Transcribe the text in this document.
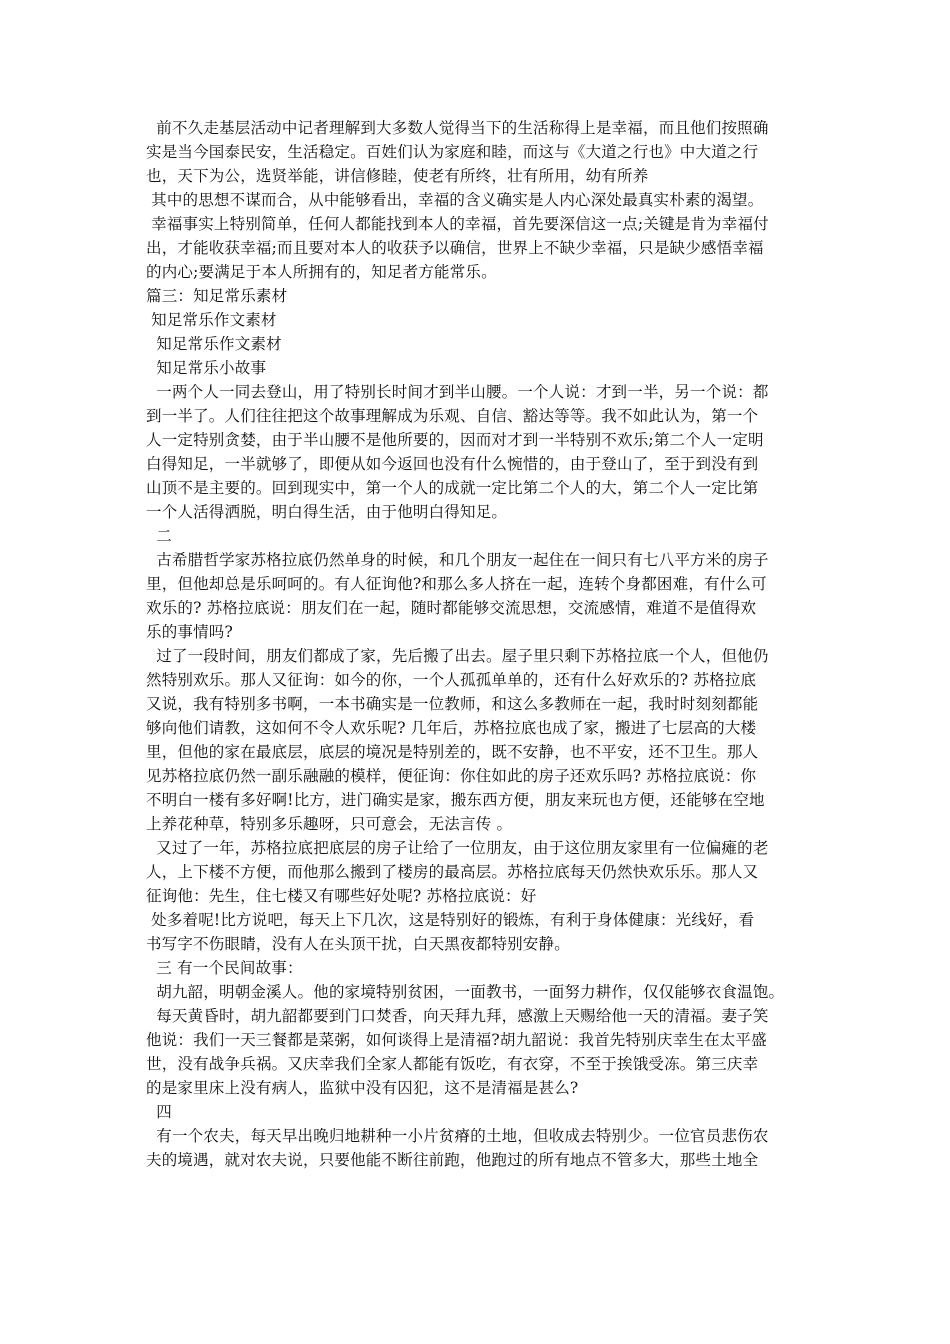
前不久走基层活动中记者理解到大多数人觉得当下的生活称得上是幸福，而且他们按照确
实是当今国泰民安，生活稳定。百姓们认为家庭和睦，而这与《大道之行也》中大道之行
也，天下为公，选贤举能，讲信修睦，使老有所终，壮有所用，幼有所养
其中的思想不谋而合，从中能够看出，幸福的含义确实是人内心深处最真实朴素的渴望。
幸福事实上特别简单，任何人都能找到本人的幸福，首先要深信这一点;关键是肯为幸福付
出，才能收获幸福;而且要对本人的收获予以确信，世界上不缺少幸福，只是缺少感悟幸福
的内心;要满足于本人所拥有的，知足者方能常乐。
篇三：知足常乐素材
知足常乐作文素材
知足常乐作文素材
知足常乐小故事
一两个人一同去登山，用了特别长时间才到半山腰。一个人说：才到一半，另一个说：都
到一半了。人们往往把这个故事理解成为乐观、自信、豁达等等。我不如此认为，第一个
人一定特别贪婪，由于半山腰不是他所要的，因而对才到一半特别不欢乐;第二个人一定明
白得知足，一半就够了，即便从如今返回也没有什么惋惜的，由于登山了，至于到没有到
山顶不是主要的。回到现实中，第一个人的成就一定比第二个人的大，第二个人一定比第
一个人活得洒脱，明白得生活，由于他明白得知足。
二
古希腊哲学家苏格拉底仍然单身的时候，和几个朋友一起住在一间只有七八平方米的房子
里，但他却总是乐呵呵的。有人征询他?和那么多人挤在一起，连转个身都困难，有什么可
欢乐的? 苏格拉底说：朋友们在一起，随时都能够交流思想，交流感情，难道不是值得欢
乐的事情吗?
过了一段时间，朋友们都成了家，先后搬了出去。屋子里只剩下苏格拉底一个人，但他仍
然特别欢乐。那人又征询：如今的你，一个人孤孤单单的，还有什么好欢乐的? 苏格拉底
又说，我有特别多书啊，一本书确实是一位教师，和这么多教师在一起，我时时刻刻都能
够向他们请教，这如何不令人欢乐呢? 几年后，苏格拉底也成了家，搬进了七层高的大楼
里，但他的家在最底层，底层的境况是特别差的，既不安静，也不平安，还不卫生。那人
见苏格拉底仍然一副乐融融的模样，便征询：你住如此的房子还欢乐吗? 苏格拉底说：你
不明白一楼有多好啊!比方，进门确实是家，搬东西方便，朋友来玩也方便，还能够在空地
上养花种草，特别多乐趣呀，只可意会，无法言传 。
又过了一年，苏格拉底把底层的房子让给了一位朋友，由于这位朋友家里有一位偏瘫的老
人，上下楼不方便，而他那么搬到了楼房的最高层。苏格拉底每天仍然快欢乐乐。那人又
征询他：先生，住七楼又有哪些好处呢? 苏格拉底说：好
处多着呢!比方说吧，每天上下几次，这是特别好的锻炼，有利于身体健康：光线好，看
书写字不伤眼睛，没有人在头顶干扰，白天黑夜都特别安静。
三 有一个民间故事：
胡九韶，明朝金溪人。他的家境特别贫困，一面教书，一面努力耕作，仅仅能够衣食温饱。
每天黄昏时，胡九韶都要到门口焚香，向天拜九拜，感激上天赐给他一天的清福。妻子笑
他说：我们一天三餐都是菜粥，如何谈得上是清福?胡九韶说：我首先特别庆幸生在太平盛
世，没有战争兵祸。又庆幸我们全家人都能有饭吃，有衣穿，不至于挨饿受冻。第三庆幸
的是家里床上没有病人，监狱中没有囚犯，这不是清福是甚么?
四
有一个农夫，每天早出晚归地耕种一小片贫瘠的土地，但收成去特别少。一位官员悲伤农
夫的境遇，就对农夫说，只要他能不断往前跑，他跑过的所有地点不管多大，那些土地全
